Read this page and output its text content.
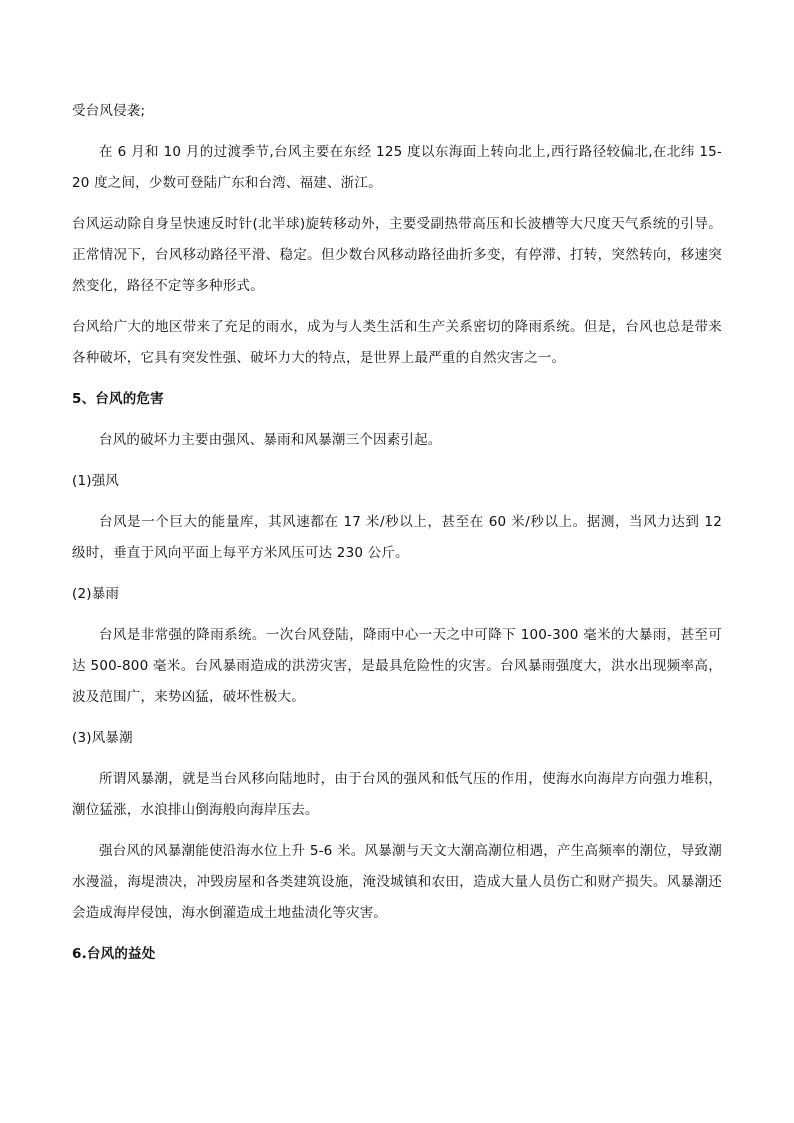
受台风侵袭;

在 6 月和 10 月的过渡季节,台风主要在东经 125 度以东海面上转向北上,西行路径较偏北,在北纬 15-20 度之间，少数可登陆广东和台湾、福建、浙江。

台风运动除自身呈快速反时针(北半球)旋转移动外，主要受副热带高压和长波槽等大尺度天气系统的引导。正常情况下，台风移动路径平滑、稳定。但少数台风移动路径曲折多变，有停滞、打转，突然转向，移速突然变化，路径不定等多种形式。

台风给广大的地区带来了充足的雨水，成为与人类生活和生产关系密切的降雨系统。但是，台风也总是带来各种破坏，它具有突发性强、破坏力大的特点，是世界上最严重的自然灾害之一。

5、台风的危害

台风的破坏力主要由强风、暴雨和风暴潮三个因素引起。

(1)强风

台风是一个巨大的能量库，其风速都在 17 米/秒以上，甚至在 60 米/秒以上。据测，当风力达到 12 级时，垂直于风向平面上每平方米风压可达 230 公斤。

(2)暴雨

台风是非常强的降雨系统。一次台风登陆，降雨中心一天之中可降下 100-300 毫米的大暴雨，甚至可达 500-800 毫米。台风暴雨造成的洪涝灾害，是最具危险性的灾害。台风暴雨强度大，洪水出现频率高，波及范围广，来势凶猛，破坏性极大。

(3)风暴潮

所谓风暴潮，就是当台风移向陆地时，由于台风的强风和低气压的作用，使海水向海岸方向强力堆积，潮位猛涨，水浪排山倒海般向海岸压去。

强台风的风暴潮能使沿海水位上升 5-6 米。风暴潮与天文大潮高潮位相遇，产生高频率的潮位，导致潮水漫溢，海堤溃决，冲毁房屋和各类建筑设施，淹没城镇和农田，造成大量人员伤亡和财产损失。风暴潮还会造成海岸侵蚀，海水倒灌造成土地盐渍化等灾害。

6.台风的益处
